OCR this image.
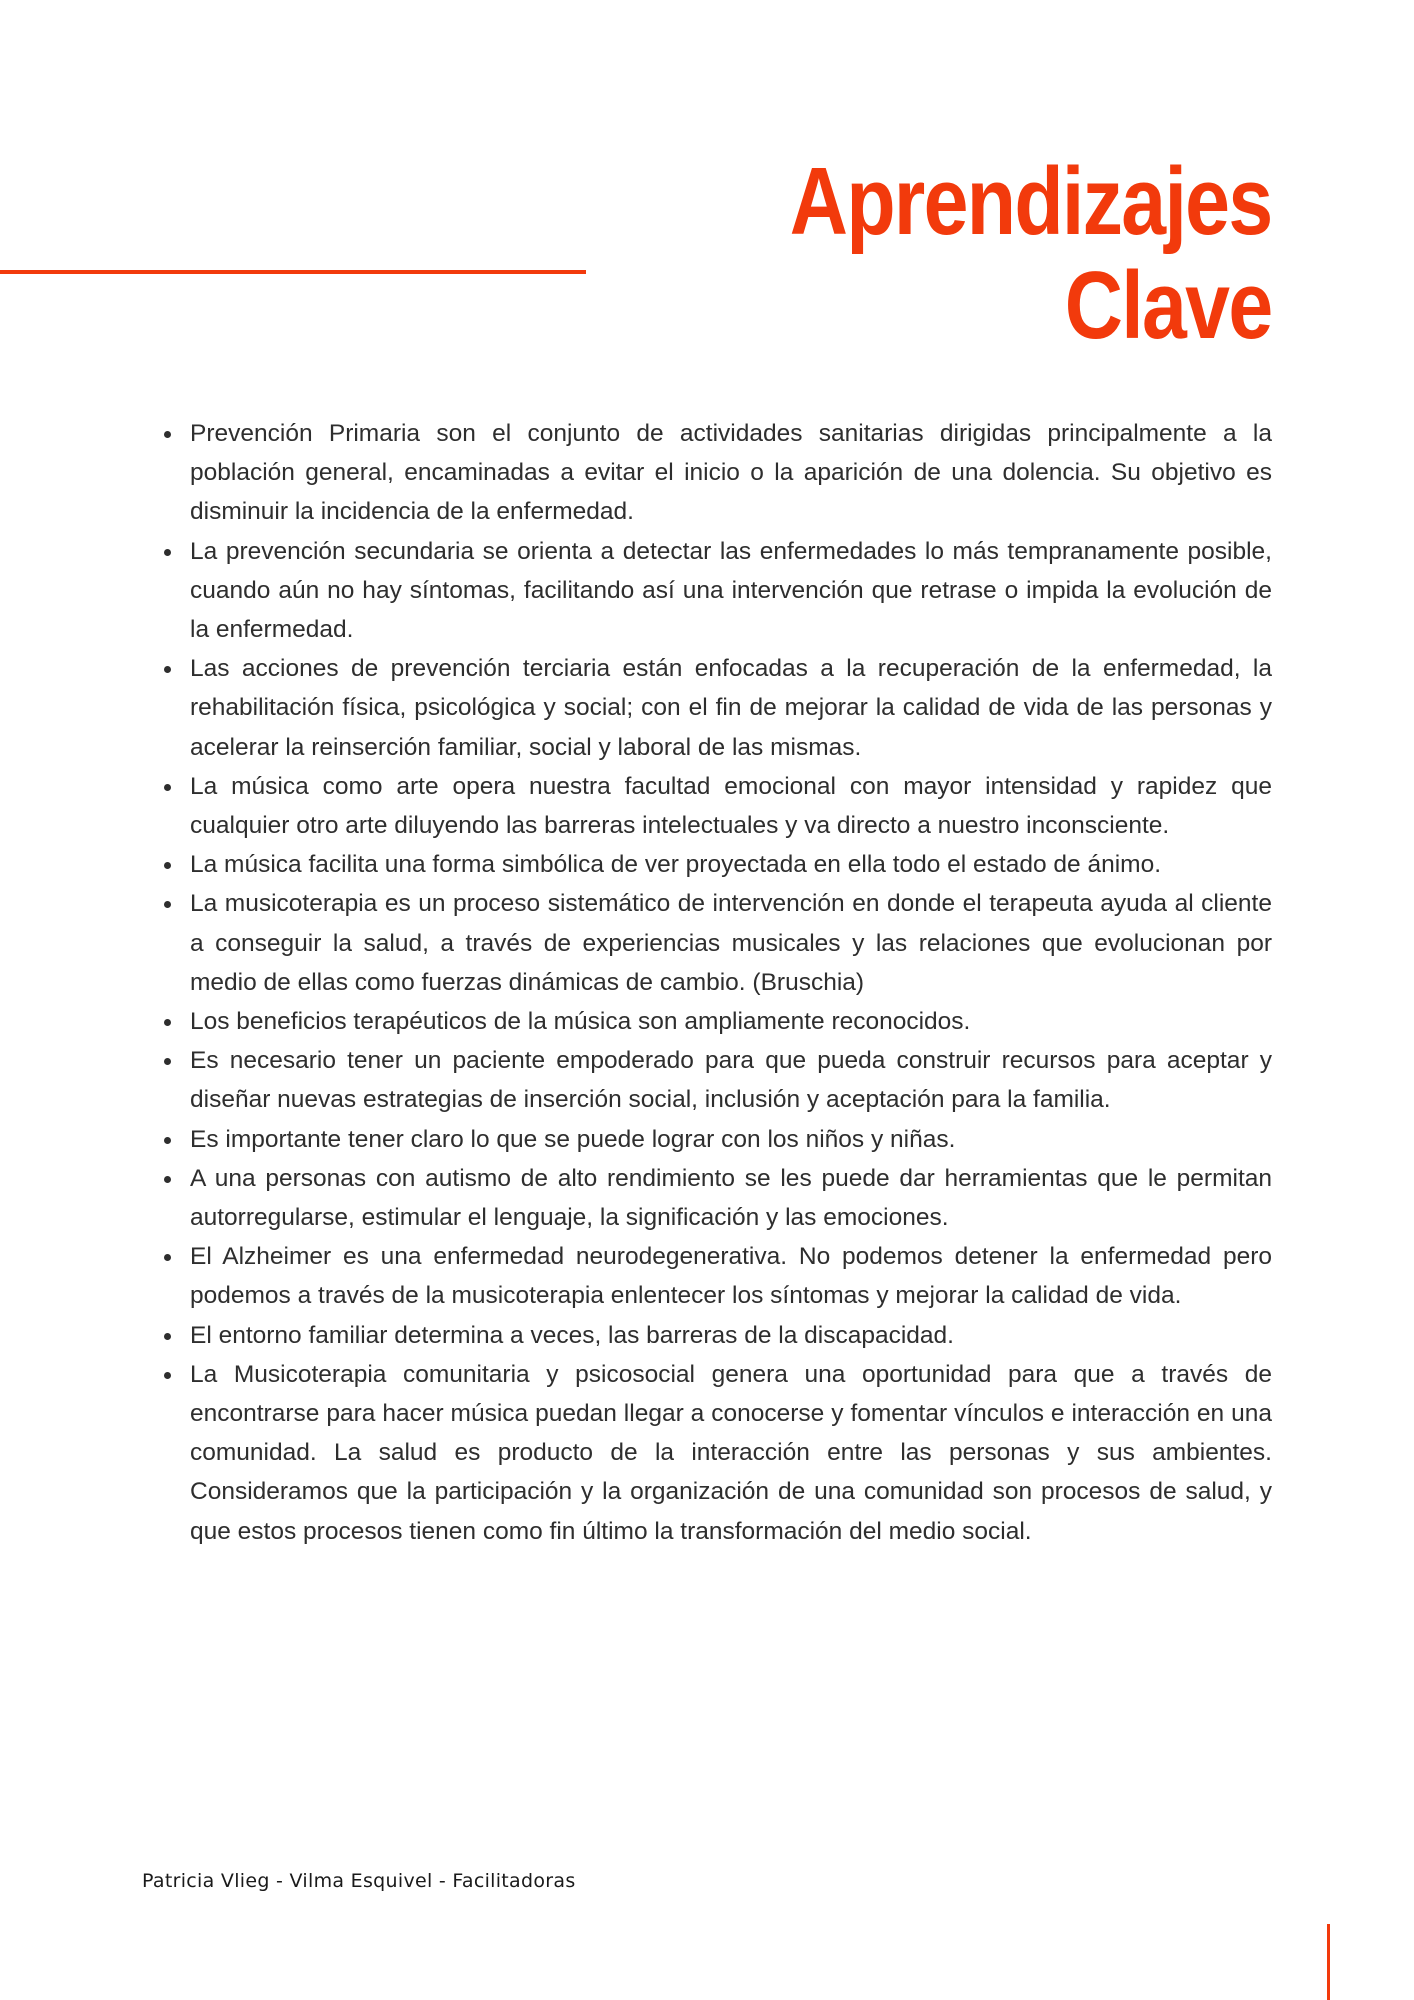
Aprendizajes
Clave
Prevención Primaria son el conjunto de actividades sanitarias dirigidas principalmente a la población general, encaminadas a evitar el inicio o la aparición de una dolencia. Su objetivo es disminuir la incidencia de la enfermedad.
La prevención secundaria se orienta a detectar las enfermedades lo más tempranamente posible, cuando aún no hay síntomas, facilitando así una intervención que retrase o impida la evolución de la enfermedad.
Las acciones de prevención terciaria están enfocadas a la recuperación de la enfermedad, la rehabilitación física, psicológica y social; con el fin de mejorar la calidad de vida de las personas y acelerar la reinserción familiar, social y laboral de las mismas.
La música como arte opera nuestra facultad emocional con mayor intensidad y rapidez que cualquier otro arte diluyendo las barreras intelectuales y va directo a nuestro inconsciente.
La música facilita una forma simbólica de ver proyectada en ella todo el estado de ánimo.
La musicoterapia es un proceso sistemático de intervención en donde el terapeuta ayuda al cliente a conseguir la salud, a través de experiencias musicales y las relaciones que evolucionan por medio de ellas como fuerzas dinámicas de cambio. (Bruschia)
Los beneficios terapéuticos de la música son ampliamente reconocidos.
Es necesario tener un paciente empoderado para que pueda construir recursos para aceptar y diseñar nuevas estrategias de inserción social, inclusión y aceptación para la familia.
Es importante tener claro lo que se puede lograr con los niños y niñas.
A una personas con autismo de alto rendimiento se les puede dar herramientas que le permitan autorregularse, estimular el lenguaje, la significación y las emociones.
El Alzheimer es una enfermedad neurodegenerativa. No podemos detener la enfermedad pero podemos a través de la musicoterapia enlentecer los síntomas y mejorar la calidad de vida.
El entorno familiar determina a veces, las barreras de la discapacidad.
La Musicoterapia comunitaria y psicosocial genera una oportunidad para que a través de encontrarse para hacer música puedan llegar a conocerse y fomentar vínculos e interacción en una comunidad. La salud es producto de la interacción entre las personas y sus ambientes. Consideramos que la participación y la organización de una comunidad son procesos de salud, y que estos procesos tienen como fin último la transformación del medio social.
Patricia Vlieg - Vilma Esquivel - Facilitadoras
